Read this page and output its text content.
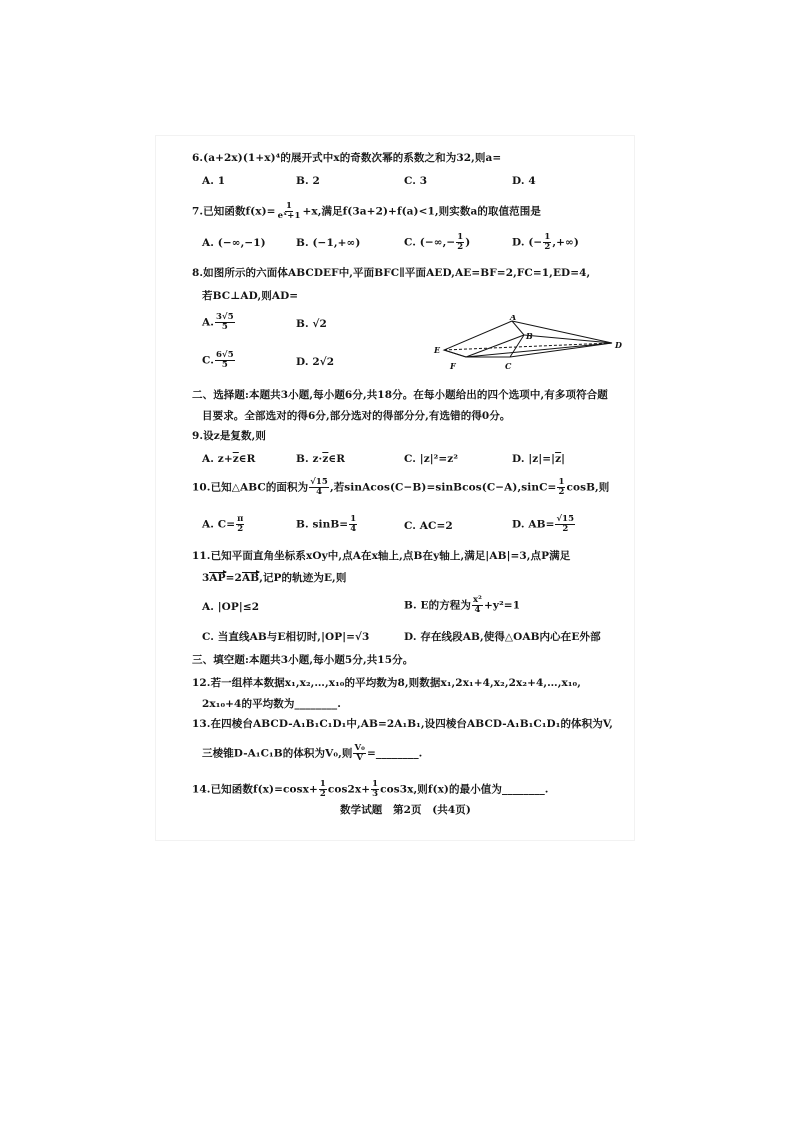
6.(a+2x)(1+x)⁴的展开式中x的奇数次幂的系数之和为32,则a=
A. 1	B. 2	C. 3	D. 4
7.已知函数$f(x)= \frac{1}{\text{eˣ+1}} +x$,满足f(3a+2)+f(a)<1,则实数a的取值范围是
A. (−∞,−1)	B. (−1,+∞)	C. (−∞,− $\frac{1}{2}$ )	D. (− $\frac{1}{2}$ ,+∞)
8.如图所示的六面体ABCDEF中,平面BFC∥平面AED,AE=BF=2,FC=1,ED=4,
若BC⊥AD,则AD=
A. $\frac{3√5}{5}$	B. √2
C. $\frac{6√5}{5}$	D. 2√2
A
B
C
D
E
F
二、选择题:本题共3小题,每小题6分,共18分。在每小题给出的四个选项中,有多项符合题
目要求。全部选对的得6分,部分选对的得部分分,有选错的得0分。
9.设z是复数,则
A. $z+\overline{z}\in R$	B. $z\cdot\overline{z}\in R$	C. |z|²=z²	D. $|z|=|\overline{z}|$
10.已知△ABC的面积为 $\frac{√15}{4}$ ,若sinAcos(C−B)=sinBcos(C−A),sinC= $\frac{1}{2} \cos B$,则
A. $C= \frac{\pi}{2}$	B. $\sin B= \frac{1}{4}$	C. AC=2	D. $AB= \frac{√15}{2}$
11.已知平面直角坐标系xOy中,点A在x轴上,点B在y轴上,满足|AB|=3,点P满足
3AP=2AB,记P的轨迹为E,则
A. |OP|≤2	B. E的方程为 $\frac{\text{x²}}{4} +y^2=1$
C. 当直线AB与E相切时,|OP|=√3	D. 存在线段AB,使得△OAB内心在E外部
三、填空题:本题共3小题,每小题5分,共15分。
12.若一组样本数据x₁,x₂,…,x₁₀的平均数为8,则数据x₁,2x₁+4,x₂,2x₂+4,…,x₁₀,
2x₁₀+4的平均数为________.
13.在四棱台ABCD-A₁B₁C₁D₁中,AB=2A₁B₁,设四棱台ABCD-A₁B₁C₁D₁的体积为V,
三棱锥D-A₁C₁B的体积为V₀,则 $\frac{\text{V₀}}{V}$ =________.
14.已知函数$f(x)=\cos x+ \frac{1}{2} \cos 2x+ \frac{1}{3} \cos 3x$,则f(x)的最小值为________.
数学试题　第2页　(共4页)
